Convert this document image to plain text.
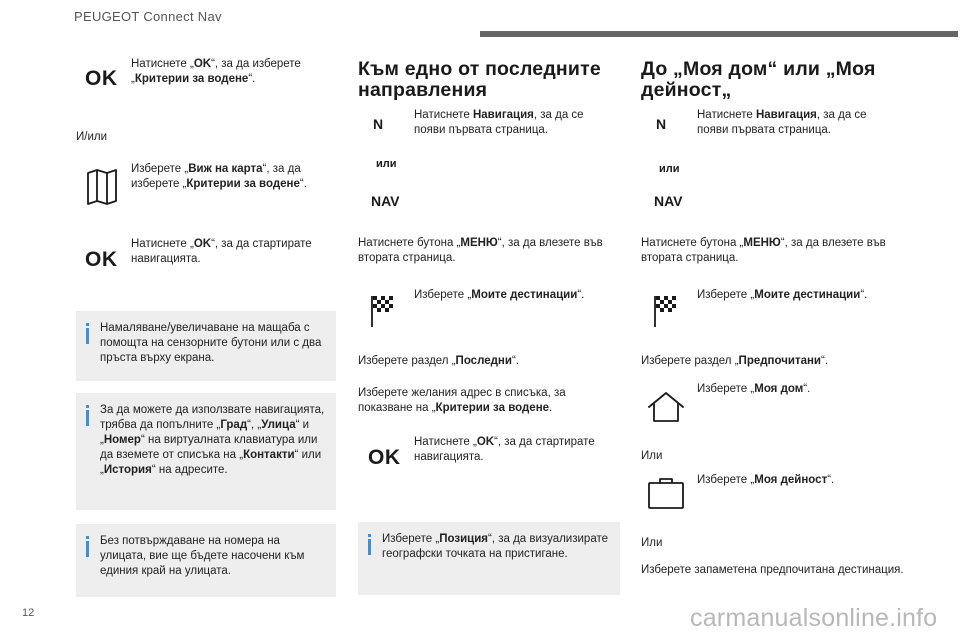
PEUGEOT Connect Nav
12	carmanualsonline.info
OK
Натиснете „OK“, за да изберете „Критерии за водене“.
И/или
Изберете „Виж на карта“, за да изберете „Критерии за водене“.
OK
Натиснете „OK“, за да стартирате навигацията.
Намаляване/увеличаване на мащаба с помощта на сензорните бутони или с два пръста върху екрана.
За да можете да използвате навигацията, трябва да попълните „Град“, „Улица“ и „Номер“ на виртуалната клавиатура или да вземете от списъка на „Контакти“ или „История“ на адресите.
Без потвърждаване на номера на улицата, вие ще бъдете насочени към единия край на улицата.
Към едно от последните направления
N
или
NAV
Натиснете Навигация, за да се появи първата страница.
Натиснете бутона „МЕНЮ“, за да влезете във втората страница.
Изберете „Моите дестинации“.
Изберете раздел „Последни“.
Изберете желания адрес в списъка, за показване на „Критерии за водене.
OK
Натиснете „OK“, за да стартирате навигацията.
Изберете „Позиция“, за да визуализирате географски точката на пристигане.
До „Моя дом“ или „Моя дейност„
N
или
NAV
Натиснете Навигация, за да се появи първата страница.
Натиснете бутона „МЕНЮ“, за да влезете във втората страница.
Изберете „Моите дестинации“.
Изберете раздел „Предпочитани“.
Изберете „Моя дом“.
Или
Изберете „Моя дейност“.
Или
Изберете запаметена предпочитана дестинация.
